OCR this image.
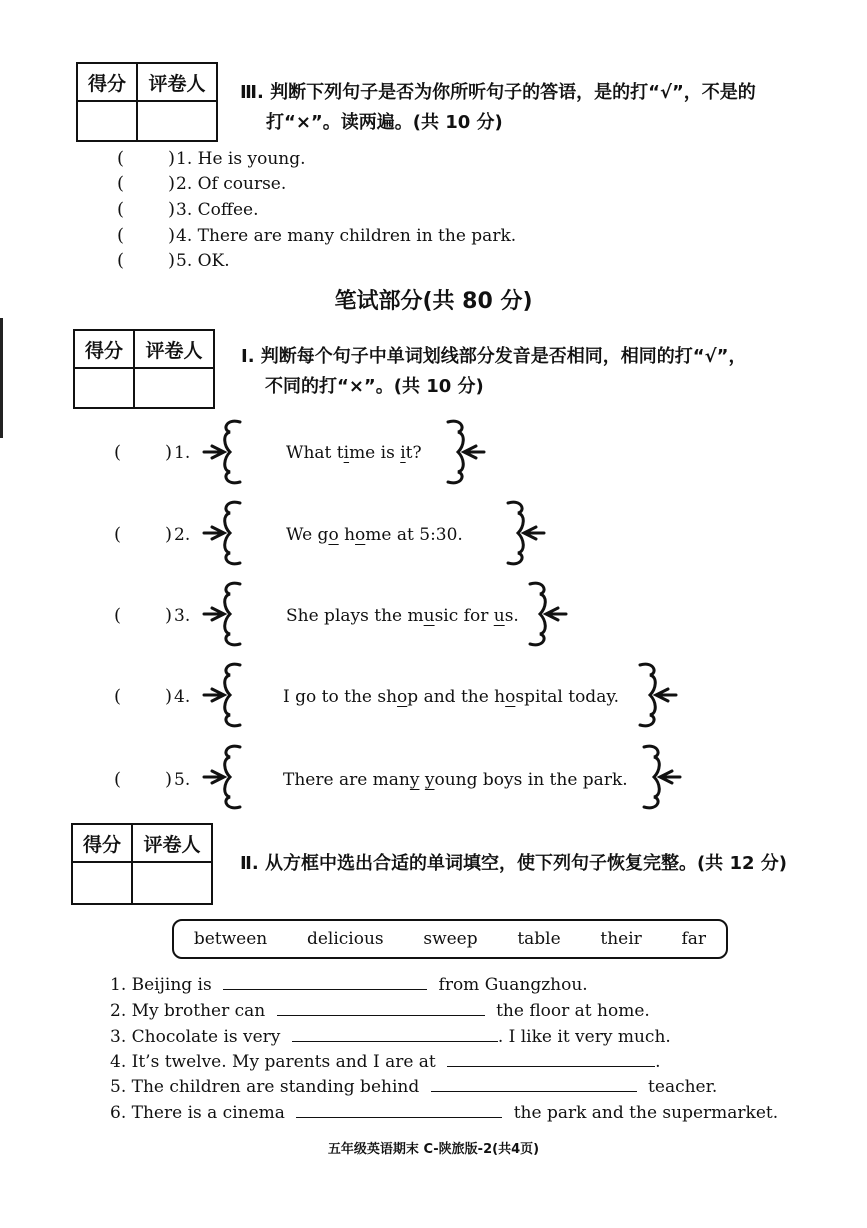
得分	评卷人
	Ⅲ. 判断下列句子是否为你所听句子的答语，是的打“√”，不是的
打“×”。读两遍。(共 10 分)
( ) 1. He is young.
( ) 2. Of course.
( ) 3. Coffee.
( ) 4. There are many children in the park.
( ) 5. OK.
笔试部分(共 80 分)
得分	评卷人
	Ⅰ. 判断每个句子中单词划线部分发音是否相同，相同的打“√”，
不同的打“×”。(共 10 分)
( ) 1.	What time is it?
( ) 2.	We go home at 5:30.
( ) 3.	She plays the music for us.
( ) 4.	I go to the shop and the hospital today.
( ) 5.	There are many young boys in the park.
得分	评卷人

Ⅱ. 从方框中选出合适的单词填空，使下列句子恢复完整。(共 12 分)
between delicious sweep table their far
1. Beijing is	from Guangzhou.
2. My brother can	the floor at home.
3. Chocolate is very	. I like it very much.
4. It’s twelve. My parents and I are at	.
5. The children are standing behind	teacher.
6. There is a cinema	the park and the supermarket.
五年级英语期末 C-陕旅版-2(共4页)
